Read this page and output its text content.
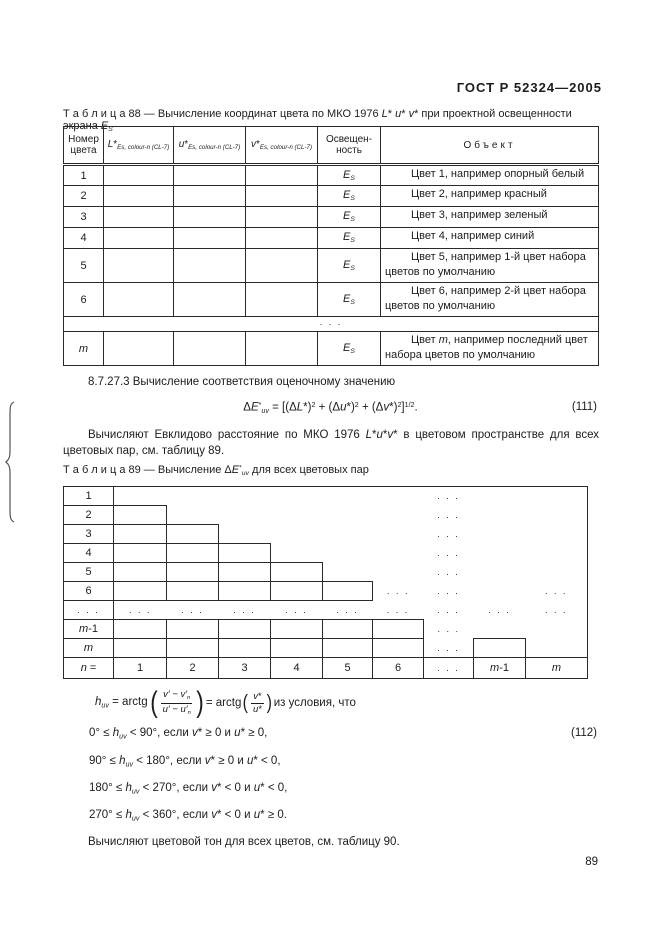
ГОСТ Р 52324—2005
Т а б л и ц а 88 — Вычисление координат цвета по МКО 1976 L* u* v* при проектной освещенности экрана ES
Номер цвета	L*Es, colour-n (CL-7)	u*Es, colour-n (CL-7)	v*Es, colour-n (CL-7)	Освещен-ность	Объект
1				ES	Цвет 1, например опорный белый
2				ES	Цвет 2, например красный
3				ES	Цвет 3, например зеленый
4				ES	Цвет 4, например синий
5				ES	Цвет 5, например 1-й цвет набора цветов по умолчанию
6				ES	Цвет 6, например 2-й цвет набора цветов по умолчанию
. . .					
m				ES	Цвет m, например последний цвет набора цветов по умолчанию
8.7.27.3 Вычисление соответствия оценочному значению
$\Delta E^*uv = [(\Delta L*)^2 + (\Delta u*)^2 + (\Delta v*)^2]^{1/2}$.	(111)
Вычисляют Евклидово расстояние по МКО 1976 L*u*v* в цветовом пространстве для всех цветовых пар, см. таблицу 89.
Т а б л и ц а 89 — Вычисление ΔE*uv для всех цветовых пар
1							. . .		
2							. . .		
3							. . .		
4							. . .		
5							. . .		
6						. . .	. . .		. . .
. . .	. . .	. . .	. . .	. . .	. . .	. . .	. . .	. . .	. . .
m-1							. . .		
m							. . .		
n =	1	2	3	4	5	6	. . .	m-1	m
huv = arctg ( $\frac{v' - v'n}{u' - u'n}$ ) = arctg ( $\frac{v*}{u*}$ ) из условия, что
0° ≤ huv < 90°, если v* ≥ 0 и u* ≥ 0,	(112)
90° ≤ huv < 180°, если v* ≥ 0 и u* < 0,
180° ≤ huv < 270°, если v* < 0 и u* < 0,
270° ≤ huv < 360°, если v* < 0 и u* ≥ 0.
Вычисляют цветовой тон для всех цветов, см. таблицу 90.
89
